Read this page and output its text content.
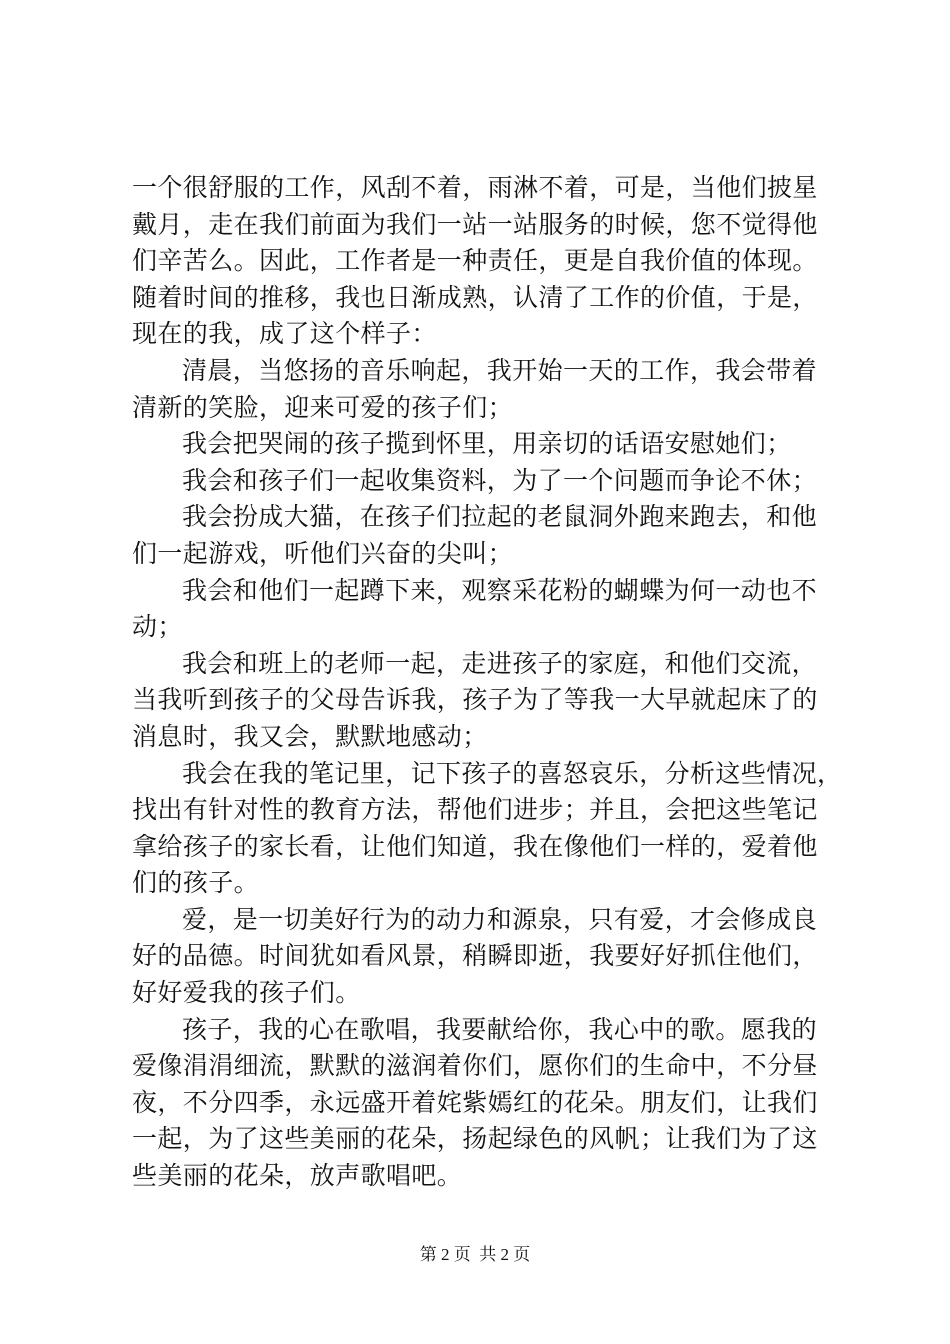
一个很舒服的工作，风刮不着，雨淋不着，可是，当他们披星
戴月，走在我们前面为我们一站一站服务的时候，您不觉得他
们辛苦么。因此，工作者是一种责任，更是自我价值的体现。
随着时间的推移，我也日渐成熟，认清了工作的价值，于是，
现在的我，成了这个样子：
清晨，当悠扬的音乐响起，我开始一天的工作，我会带着
清新的笑脸，迎来可爱的孩子们；
我会把哭闹的孩子揽到怀里，用亲切的话语安慰她们；
我会和孩子们一起收集资料，为了一个问题而争论不休；
我会扮成大猫，在孩子们拉起的老鼠洞外跑来跑去，和他
们一起游戏，听他们兴奋的尖叫；
我会和他们一起蹲下来，观察采花粉的蝴蝶为何一动也不
动；
我会和班上的老师一起，走进孩子的家庭，和他们交流，
当我听到孩子的父母告诉我，孩子为了等我一大早就起床了的
消息时，我又会，默默地感动；
我会在我的笔记里，记下孩子的喜怒哀乐，分析这些情况，
找出有针对性的教育方法，帮他们进步；并且，会把这些笔记
拿给孩子的家长看，让他们知道，我在像他们一样的，爱着他
们的孩子。
爱，是一切美好行为的动力和源泉，只有爱，才会修成良
好的品德。时间犹如看风景，稍瞬即逝，我要好好抓住他们，
好好爱我的孩子们。
孩子，我的心在歌唱，我要献给你，我心中的歌。愿我的
爱像涓涓细流，默默的滋润着你们，愿你们的生命中，不分昼
夜，不分四季，永远盛开着姹紫嫣红的花朵。朋友们，让我们
一起，为了这些美丽的花朵，扬起绿色的风帆；让我们为了这
些美丽的花朵，放声歌唱吧。
第 2 页 共 2 页
